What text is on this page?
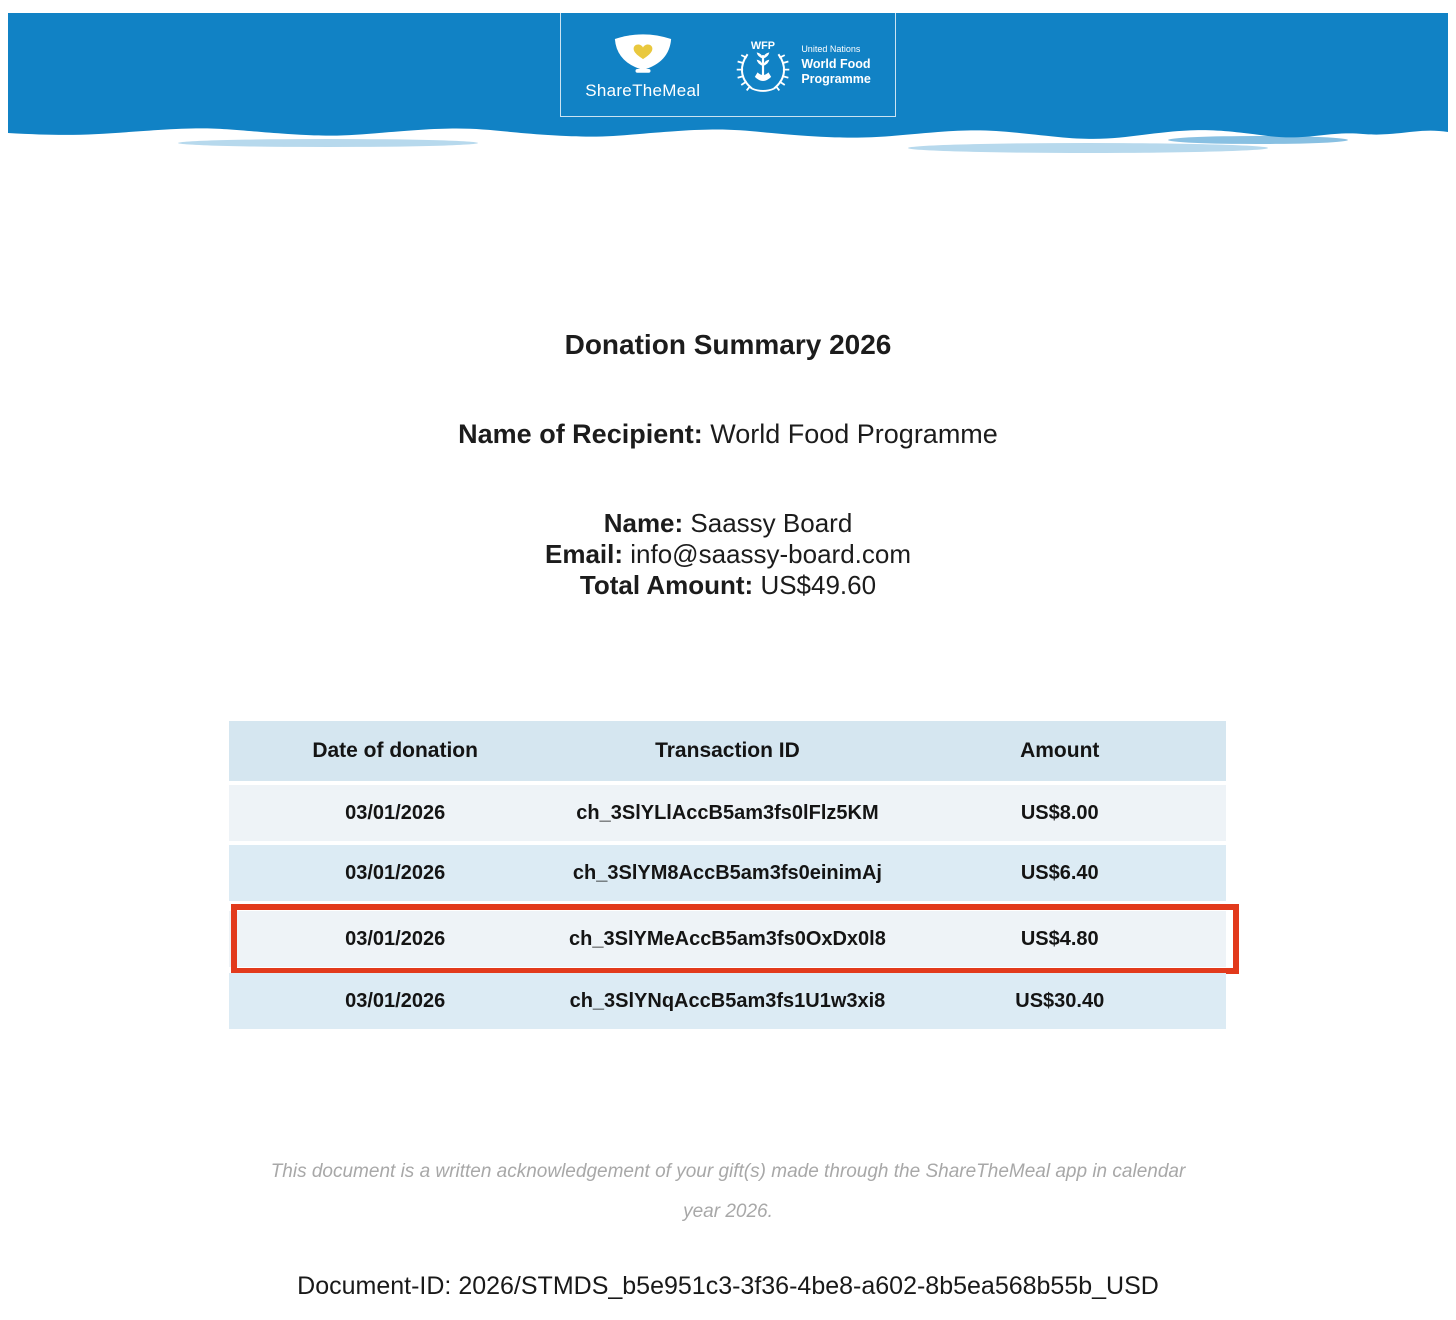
ShareTheMeal
WFP	United Nations
World Food
Programme
Donation Summary 2026
Name of Recipient: World Food Programme
Name: Saassy Board
Email: info@saassy-board.com
Total Amount: US$49.60
Date of donation	Transaction ID	Amount
03/01/2026	ch_3SlYLlAccB5am3fs0lFlz5KM	US$8.00
03/01/2026	ch_3SlYM8AccB5am3fs0einimAj	US$6.40
03/01/2026	ch_3SlYMeAccB5am3fs0OxDx0l8	US$4.80
03/01/2026	ch_3SlYNqAccB5am3fs1U1w3xi8	US$30.40
This document is a written acknowledgement of your gift(s) made through the ShareTheMeal app in calendar
year 2026.
Document-ID: 2026/STMDS_b5e951c3-3f36-4be8-a602-8b5ea568b55b_USD
